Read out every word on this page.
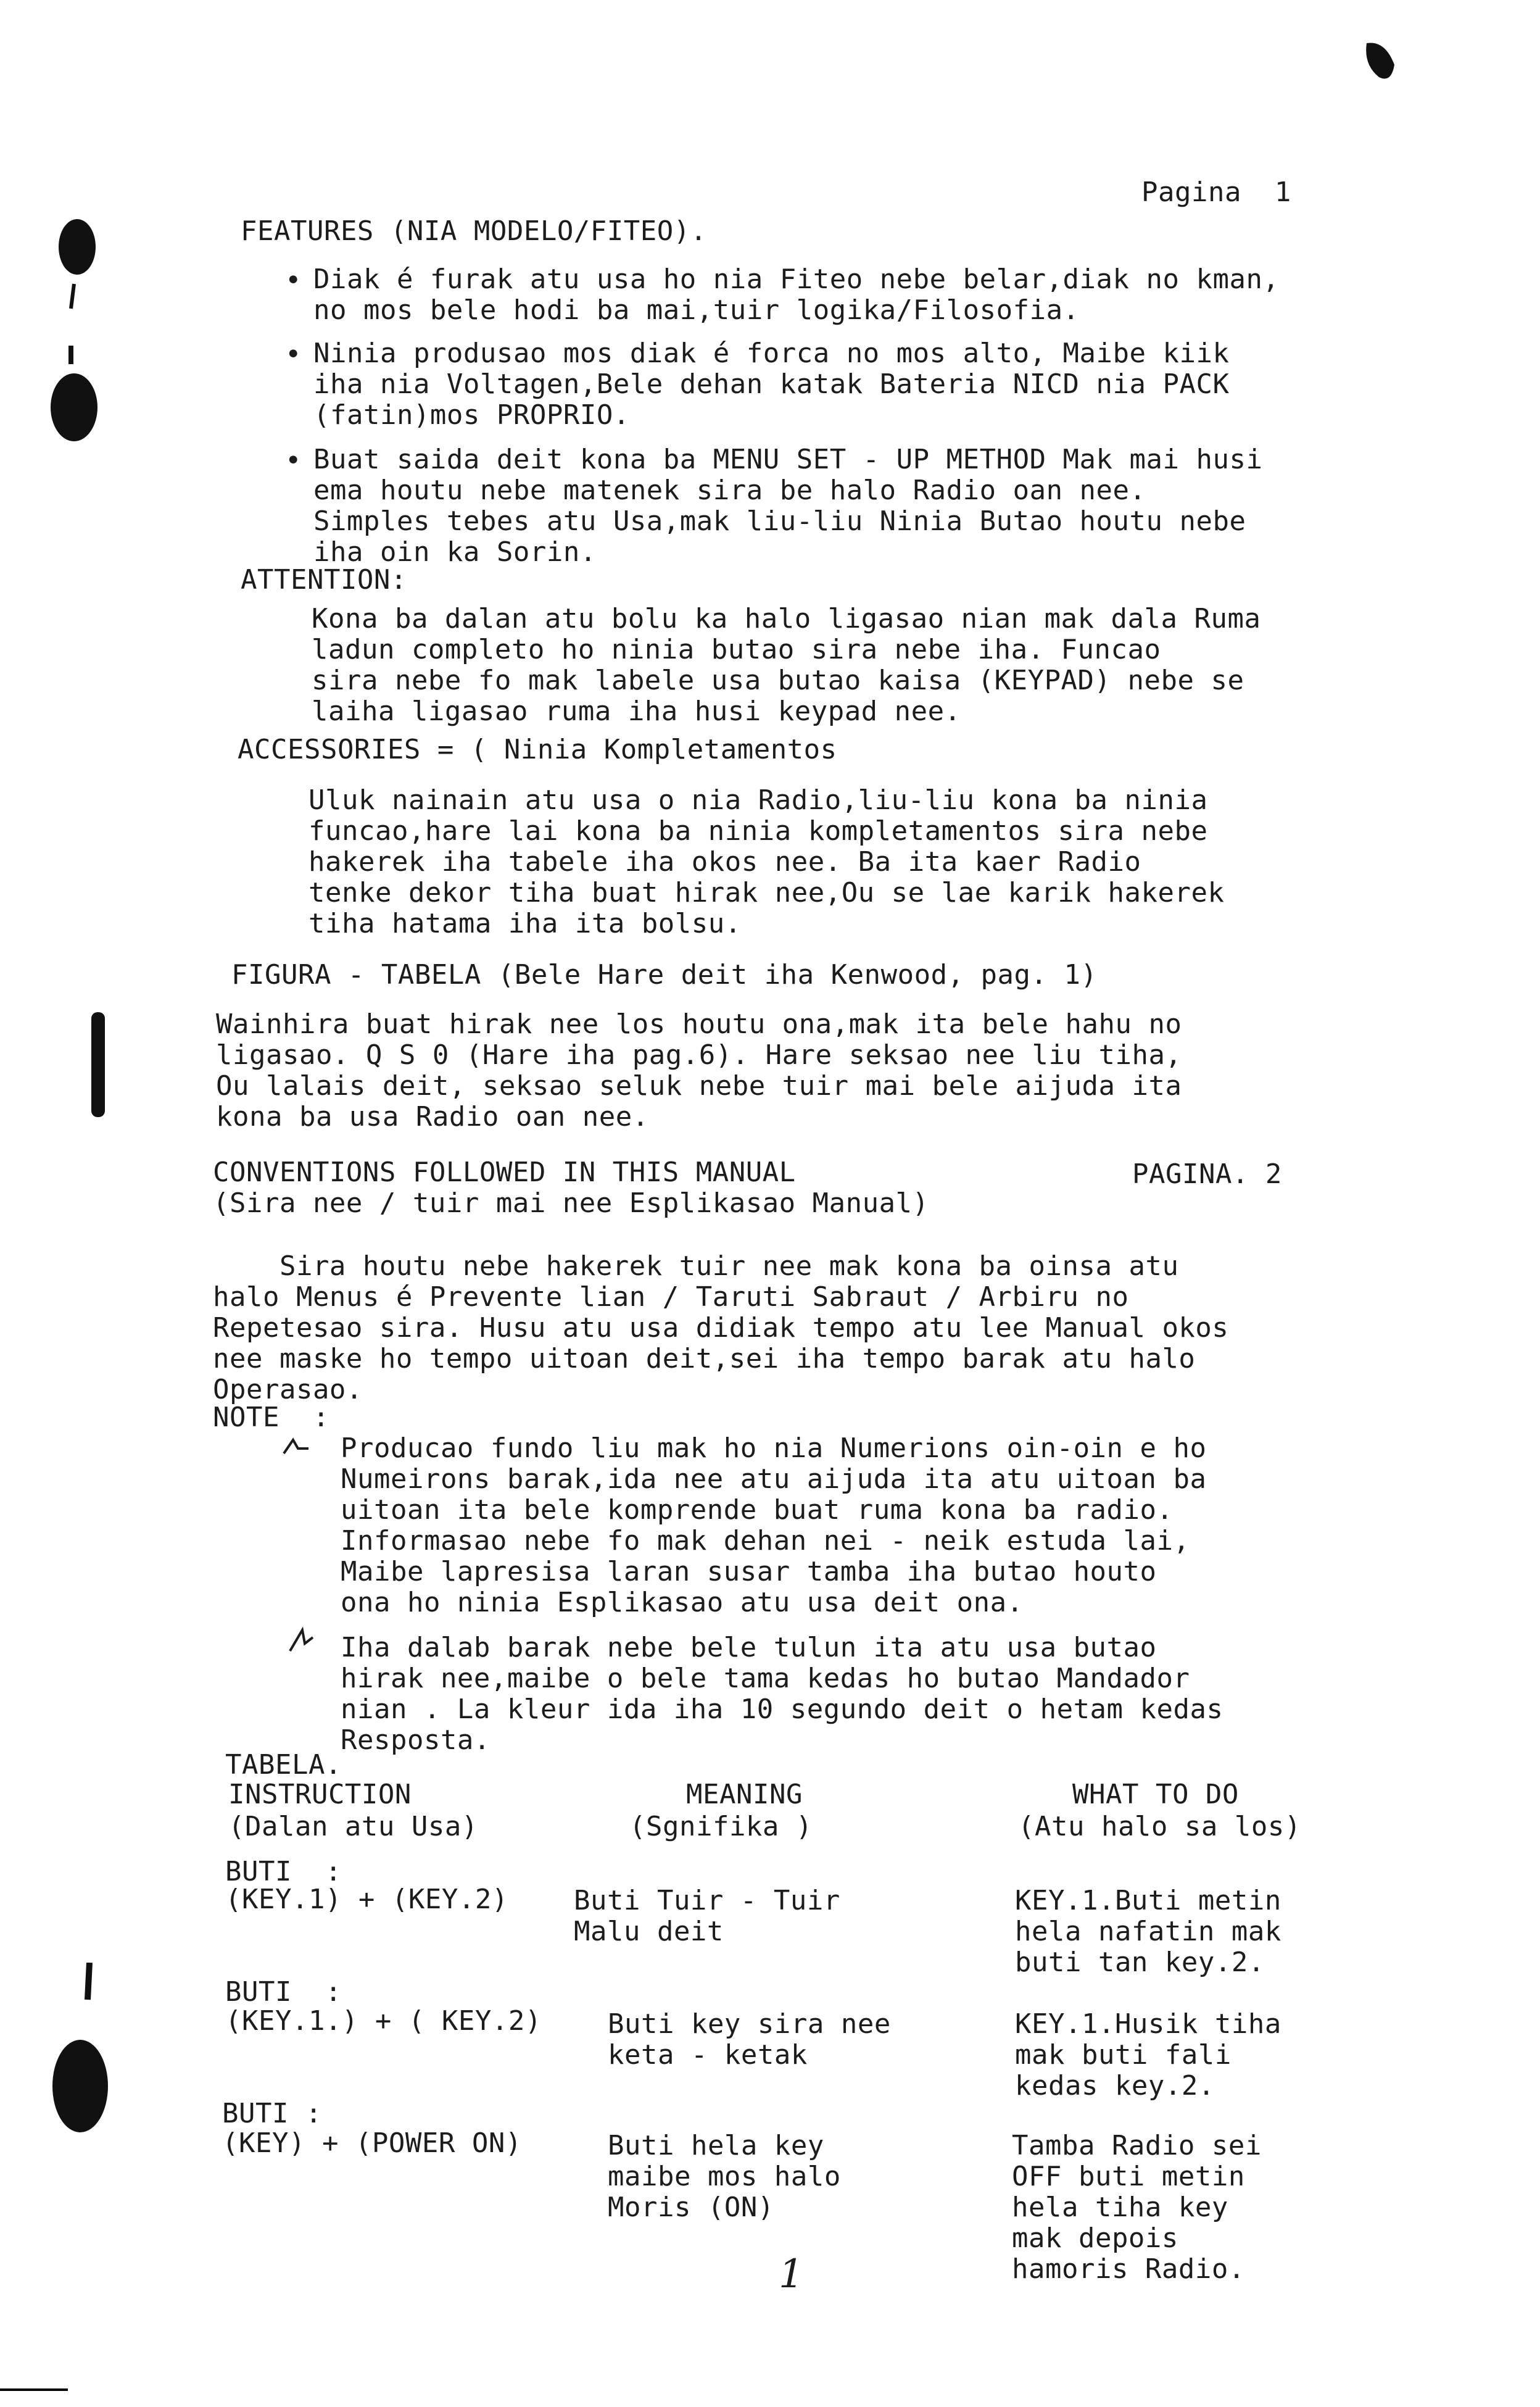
Pagina  1
FEATURES (NIA MODELO/FITEO).
• Diak é furak atu usa ho nia Fiteo nebe belar,diak no kman,
no mos bele hodi ba mai,tuir logika/Filosofia.
• Ninia produsao mos diak é forca no mos alto, Maibe kiik
iha nia Voltagen,Bele dehan katak Bateria NICD nia PACK
(fatin)mos PROPRIO.
• Buat saida deit kona ba MENU SET - UP METHOD Mak mai husi
ema houtu nebe matenek sira be halo Radio oan nee.
Simples tebes atu Usa,mak liu-liu Ninia Butao houtu nebe
iha oin ka Sorin.
ATTENTION:
Kona ba dalan atu bolu ka halo ligasao nian mak dala Ruma
ladun completo ho ninia butao sira nebe iha. Funcao
sira nebe fo mak labele usa butao kaisa (KEYPAD) nebe se
laiha ligasao ruma iha husi keypad nee.
ACCESSORIES = ( Ninia Kompletamentos
Uluk nainain atu usa o nia Radio,liu-liu kona ba ninia
funcao,hare lai kona ba ninia kompletamentos sira nebe
hakerek iha tabele iha okos nee. Ba ita kaer Radio
tenke dekor tiha buat hirak nee,Ou se lae karik hakerek
tiha hatama iha ita bolsu.
FIGURA - TABELA (Bele Hare deit iha Kenwood, pag. 1)
Wainhira buat hirak nee los houtu ona,mak ita bele hahu no
ligasao. Q S 0 (Hare iha pag.6). Hare seksao nee liu tiha,
Ou lalais deit, seksao seluk nebe tuir mai bele aijuda ita
kona ba usa Radio oan nee.
CONVENTIONS FOLLOWED IN THIS MANUAL	PAGINA. 2
(Sira nee / tuir mai nee Esplikasao Manual)
Sira houtu nebe hakerek tuir nee mak kona ba oinsa atu
halo Menus é Prevente lian / Taruti Sabraut / Arbiru no
Repetesao sira. Husu atu usa didiak tempo atu lee Manual okos
nee maske ho tempo uitoan deit,sei iha tempo barak atu halo
Operasao.
NOTE  :
Producao fundo liu mak ho nia Numerions oin-oin e ho
Numeirons barak,ida nee atu aijuda ita atu uitoan ba
uitoan ita bele komprende buat ruma kona ba radio.
Informasao nebe fo mak dehan nei - neik estuda lai,
Maibe lapresisa laran susar tamba iha butao houto
ona ho ninia Esplikasao atu usa deit ona.
Iha dalab barak nebe bele tulun ita atu usa butao
hirak nee,maibe o bele tama kedas ho butao Mandador
nian . La kleur ida iha 10 segundo deit o hetam kedas
Resposta.
TABELA.
INSTRUCTION
(Dalan atu Usa)
MEANING
(Sgnifika )
WHAT TO DO
(Atu halo sa los)
BUTI  :
(KEY.1) + (KEY.2) Buti Tuir - Tuir
Malu deit
KEY.1.Buti metin
hela nafatin mak
buti tan key.2.
BUTI  :
(KEY.1.) + ( KEY.2) Buti key sira nee
keta - ketak
KEY.1.Husik tiha
mak buti fali
kedas key.2.
BUTI :
(KEY) + (POWER ON)	Buti hela key
maibe mos halo
Moris (ON)
Tamba Radio sei
OFF buti metin
hela tiha key
mak depois
hamoris Radio.
1
